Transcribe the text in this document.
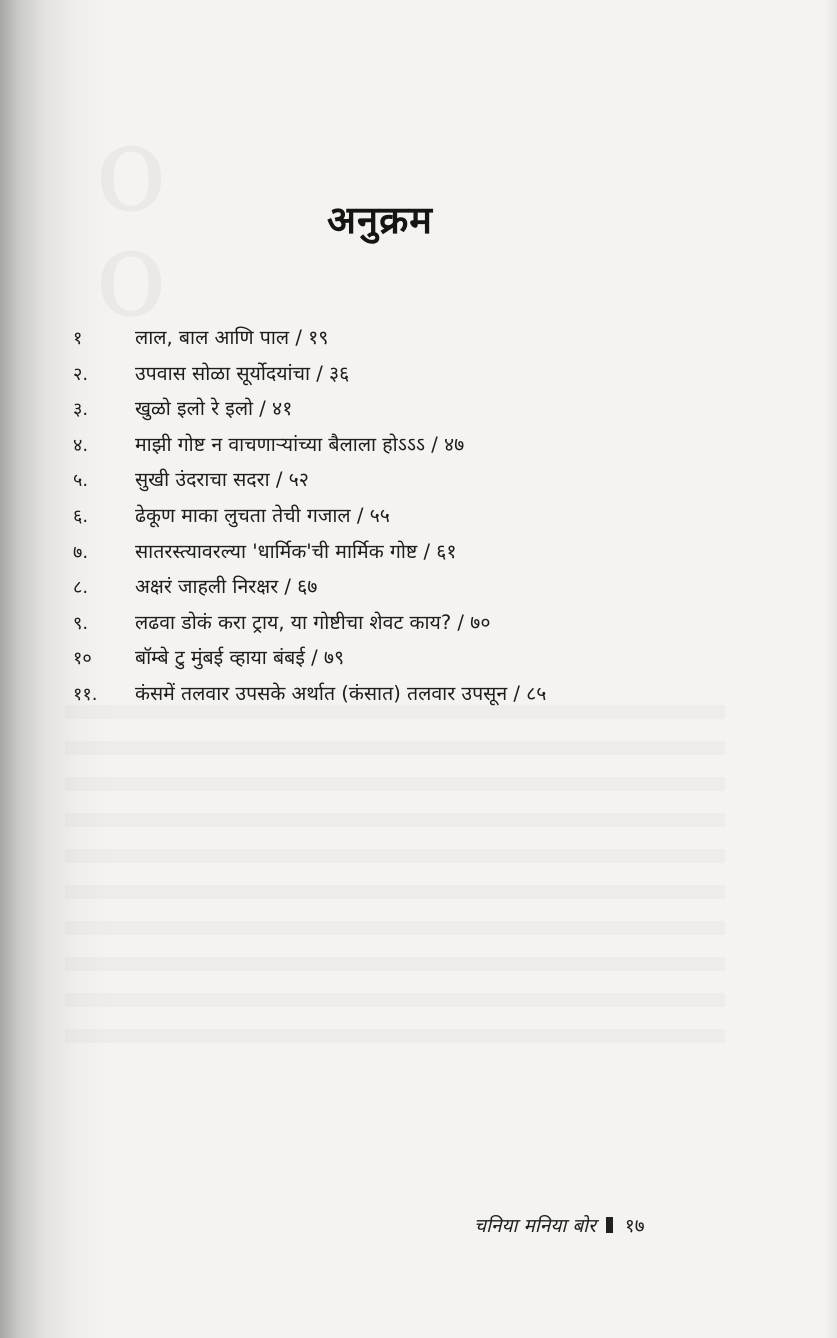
o
o	अनुक्रम
१	लाल, बाल आणि पाल / १९
२. उपवास सोळा सूर्योदयांचा / ३६
३. खुळो इलो रे इलो / ४१
४. माझी गोष्ट न वाचणाऱ्यांच्या बैलाला होऽऽऽ / ४७
५. सुखी उंदराचा सदरा / ५२
६. ढेकूण माका लुचता तेची गजाल / ५५
७. सातरस्त्यावरल्या 'धार्मिक'ची मार्मिक गोष्ट / ६१
८. अक्षरं जाहली निरक्षर / ६७
९. लढवा डोकं करा ट्राय, या गोष्टीचा शेवट काय? / ७०
१० बॉम्बे टु मुंबई व्हाया बंबई / ७९
११. कंसमें तलवार उपसके अर्थात (कंसात) तलवार उपसून / ८५
चनिया मनिया बोर १७
